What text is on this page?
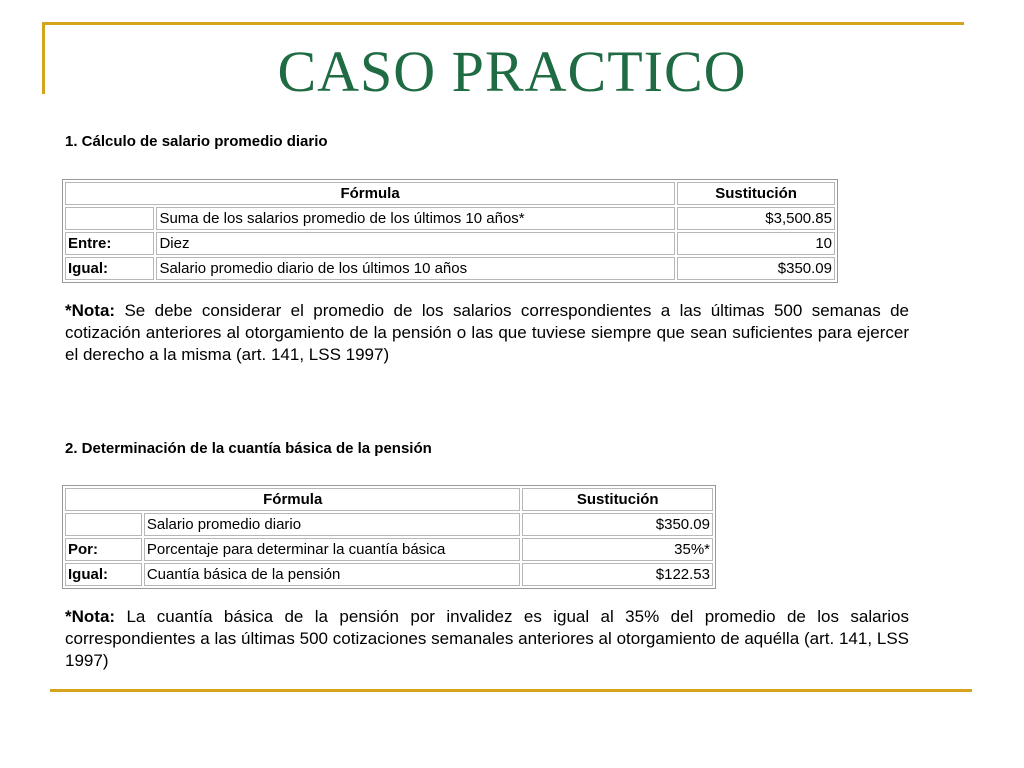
CASO PRACTICO
1. Cálculo de salario promedio diario
Fórmula		Sustitución
	Suma de los salarios promedio de los últimos 10 años*	$3,500.85
Entre:	Diez	10
Igual:	Salario promedio diario de los últimos 10 años	$350.09
*Nota: Se debe considerar el promedio de los salarios correspondientes a las últimas 500 semanas de cotización anteriores al otorgamiento de la pensión o las que tuviese siempre que sean suficientes para ejercer el derecho a la misma (art. 141, LSS 1997)
2. Determinación de la cuantía básica de la pensión
Fórmula		Sustitución
	Salario promedio diario	$350.09
Por:	Porcentaje para determinar la cuantía básica	35%*
Igual:	Cuantía básica de la pensión	$122.53
*Nota: La cuantía básica de la pensión por invalidez es igual al 35% del promedio de los salarios correspondientes a las últimas 500 cotizaciones semanales anteriores al otorgamiento de aquélla (art. 141, LSS 1997)
